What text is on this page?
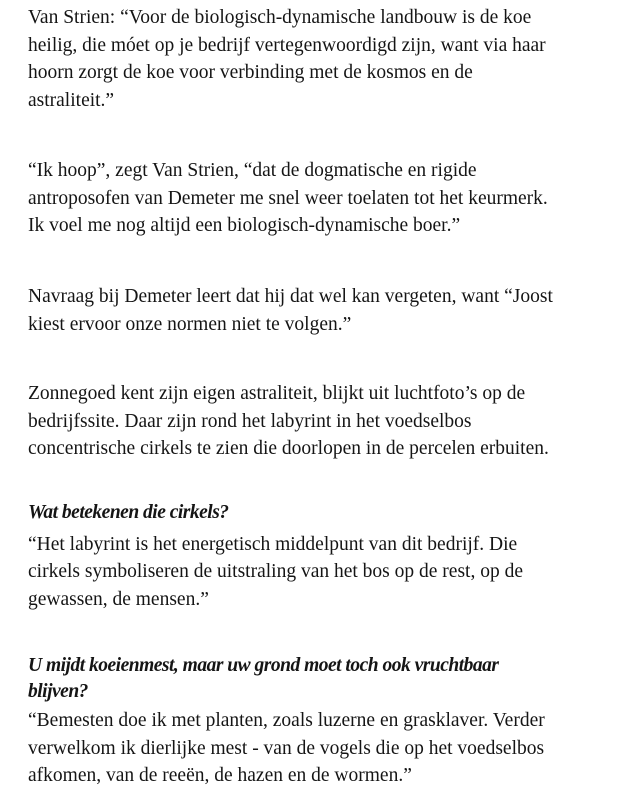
Van Strien: “Voor de biologisch-dynamische landbouw is de koe
heilig, die móet op je bedrijf vertegenwoordigd zijn, want via haar
hoorn zorgt de koe voor verbinding met de kosmos en de
astraliteit.”
“Ik hoop”, zegt Van Strien, “dat de dogmatische en rigide
antroposofen van Demeter me snel weer toelaten tot het keurmerk.
Ik voel me nog altijd een biologisch-dynamische boer.”
Navraag bij Demeter leert dat hij dat wel kan vergeten, want “Joost
kiest ervoor onze normen niet te volgen.”
Zonnegoed kent zijn eigen astraliteit, blijkt uit luchtfoto’s op de
bedrijfssite. Daar zijn rond het labyrint in het voedselbos
concentrische cirkels te zien die doorlopen in de percelen erbuiten.
Wat betekenen die cirkels?
“Het labyrint is het energetisch middelpunt van dit bedrijf. Die
cirkels symboliseren de uitstraling van het bos op de rest, op de
gewassen, de mensen.”
U mijdt koeienmest, maar uw grond moet toch ook vruchtbaar
blijven?
“Bemesten doe ik met planten, zoals luzerne en grasklaver. Verder
verwelkom ik dierlijke mest - van de vogels die op het voedselbos
afkomen, van de reeën, de hazen en de wormen.”
